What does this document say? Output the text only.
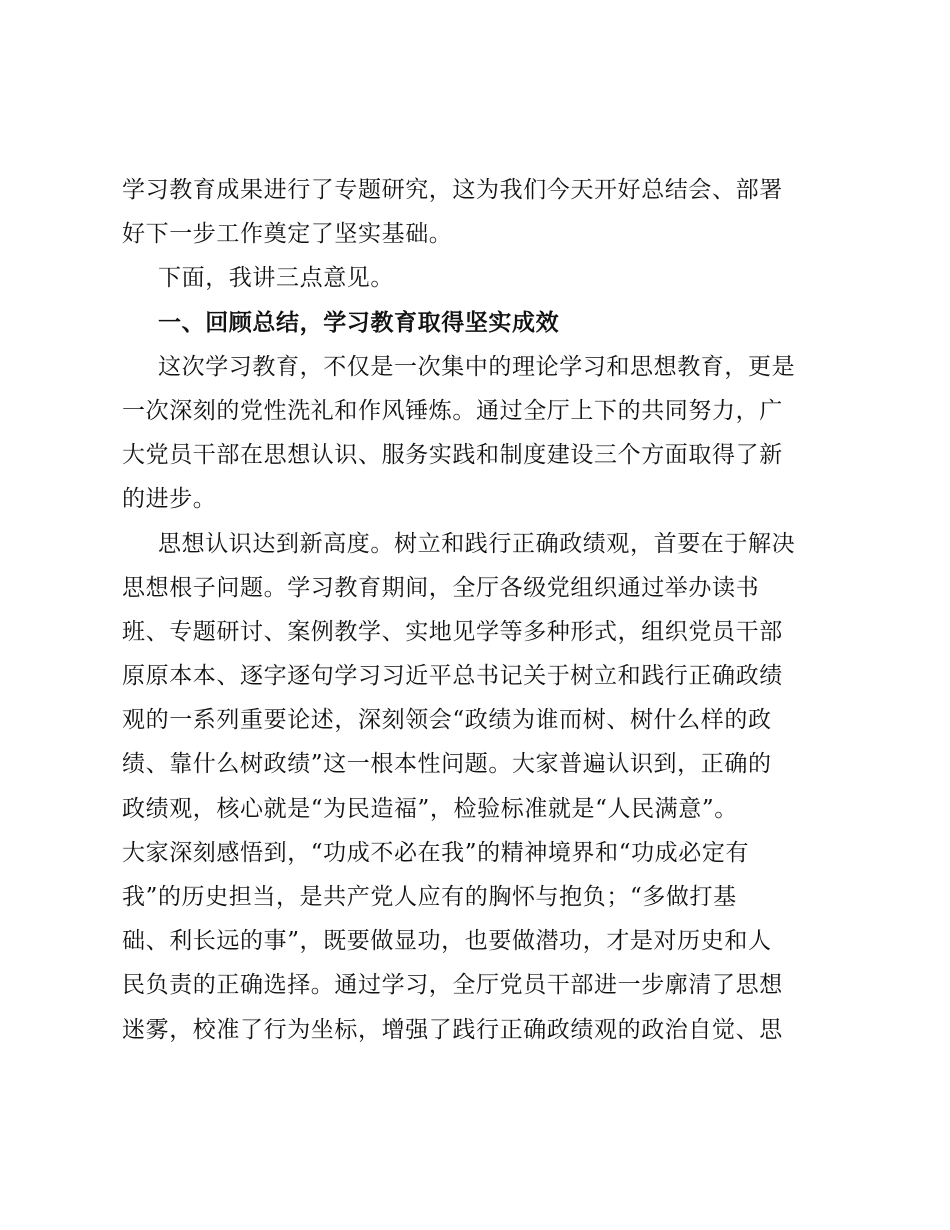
学习教育成果进行了专题研究，这为我们今天开好总结会、部署
好下一步工作奠定了坚实基础。
下面，我讲三点意见。
一、回顾总结，学习教育取得坚实成效
这次学习教育，不仅是一次集中的理论学习和思想教育，更是
一次深刻的党性洗礼和作风锤炼。通过全厅上下的共同努力，广
大党员干部在思想认识、服务实践和制度建设三个方面取得了新
的进步。
思想认识达到新高度。树立和践行正确政绩观，首要在于解决
思想根子问题。学习教育期间，全厅各级党组织通过举办读书
班、专题研讨、案例教学、实地见学等多种形式，组织党员干部
原原本本、逐字逐句学习习近平总书记关于树立和践行正确政绩
观的一系列重要论述，深刻领会“政绩为谁而树、树什么样的政
绩、靠什么树政绩”这一根本性问题。大家普遍认识到，正确的
政绩观，核心就是“为民造福”，检验标准就是“人民满意”。
大家深刻感悟到，“功成不必在我”的精神境界和“功成必定有
我”的历史担当，是共产党人应有的胸怀与抱负；“多做打基
础、利长远的事”，既要做显功，也要做潜功，才是对历史和人
民负责的正确选择。通过学习，全厅党员干部进一步廓清了思想
迷雾，校准了行为坐标，增强了践行正确政绩观的政治自觉、思
